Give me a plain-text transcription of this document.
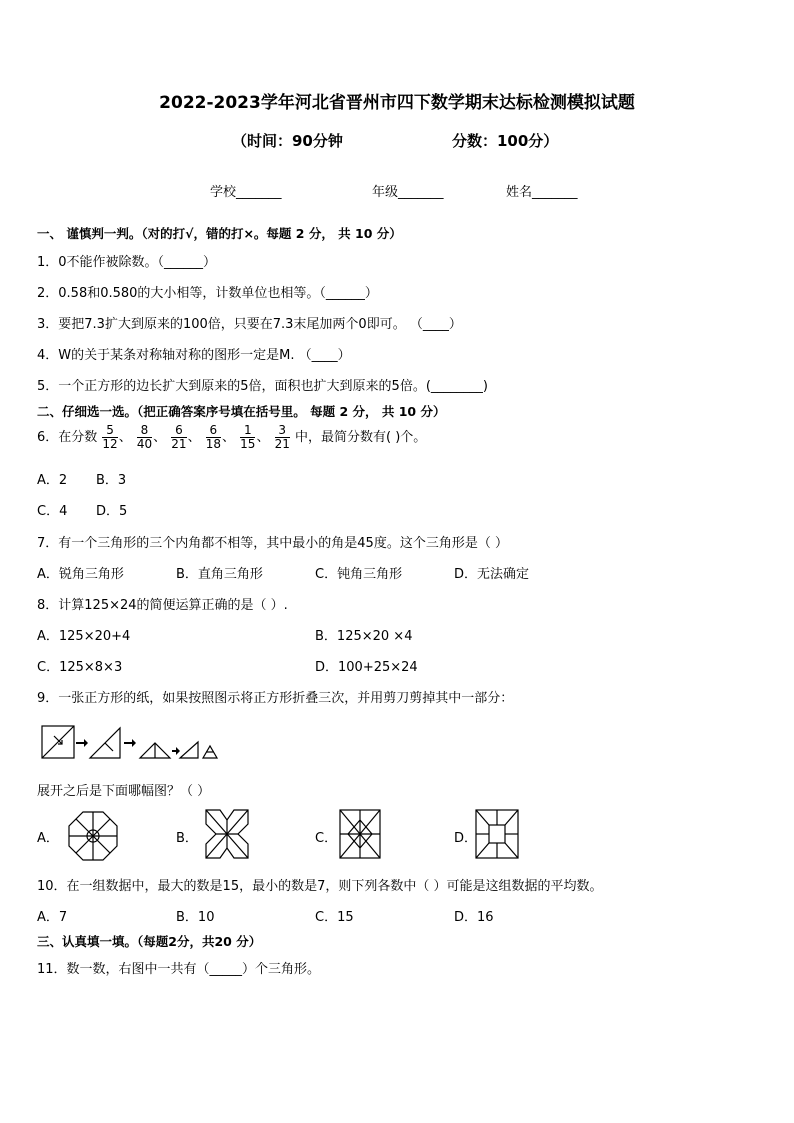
2022-2023学年河北省晋州市四下数学期末达标检测模拟试题
（时间：90分钟	分数：100分）
学校_______	年级_______	姓名_______
一、 谨慎判一判。（对的打√，错的打×。每题 2 分， 共 10 分）
1．0不能作被除数。（______）
2．0.58和0.580的大小相等，计数单位也相等。（______）
3．要把7.3扩大到原来的100倍，只要在7.3末尾加两个0即可。 （____）
4．W的关于某条对称轴对称的图形一定是M. （____）
5．一个正方形的边长扩大到原来的5倍，面积也扩大到原来的5倍。(________)
二、仔细选一选。（把正确答案序号填在括号里。 每题 2 分， 共 10 分）
6．在分数 $\frac{5}{12}$ 、 $\frac{8}{40}$ 、 $\frac{6}{21}$ 、 $\frac{6}{18}$ 、 $\frac{1}{15}$ 、 $\frac{3}{21}$ 中，最简分数有( )个。
A．2 B．3
C．4 D．5
7．有一个三角形的三个内角都不相等，其中最小的角是45度。这个三角形是（ ）
A．锐角三角形	B．直角三角形	C．钝角三角形	D．无法确定
8．计算125×24的简便运算正确的是（ ）.
A．125×20+4	B．125×20 ×4
C．125×8×3	D．100+25×24
9．一张正方形的纸，如果按照图示将正方形折叠三次，并用剪刀剪掉其中一部分：
展开之后是下面哪幅图？（ ）
A．	B．	C．	D．
10．在一组数据中，最大的数是15，最小的数是7，则下列各数中（ ）可能是这组数据的平均数。
A．7	B．10	C．15	D．16
三、认真填一填。（每题2分，共20 分）
11．数一数，右图中一共有（_____）个三角形。
